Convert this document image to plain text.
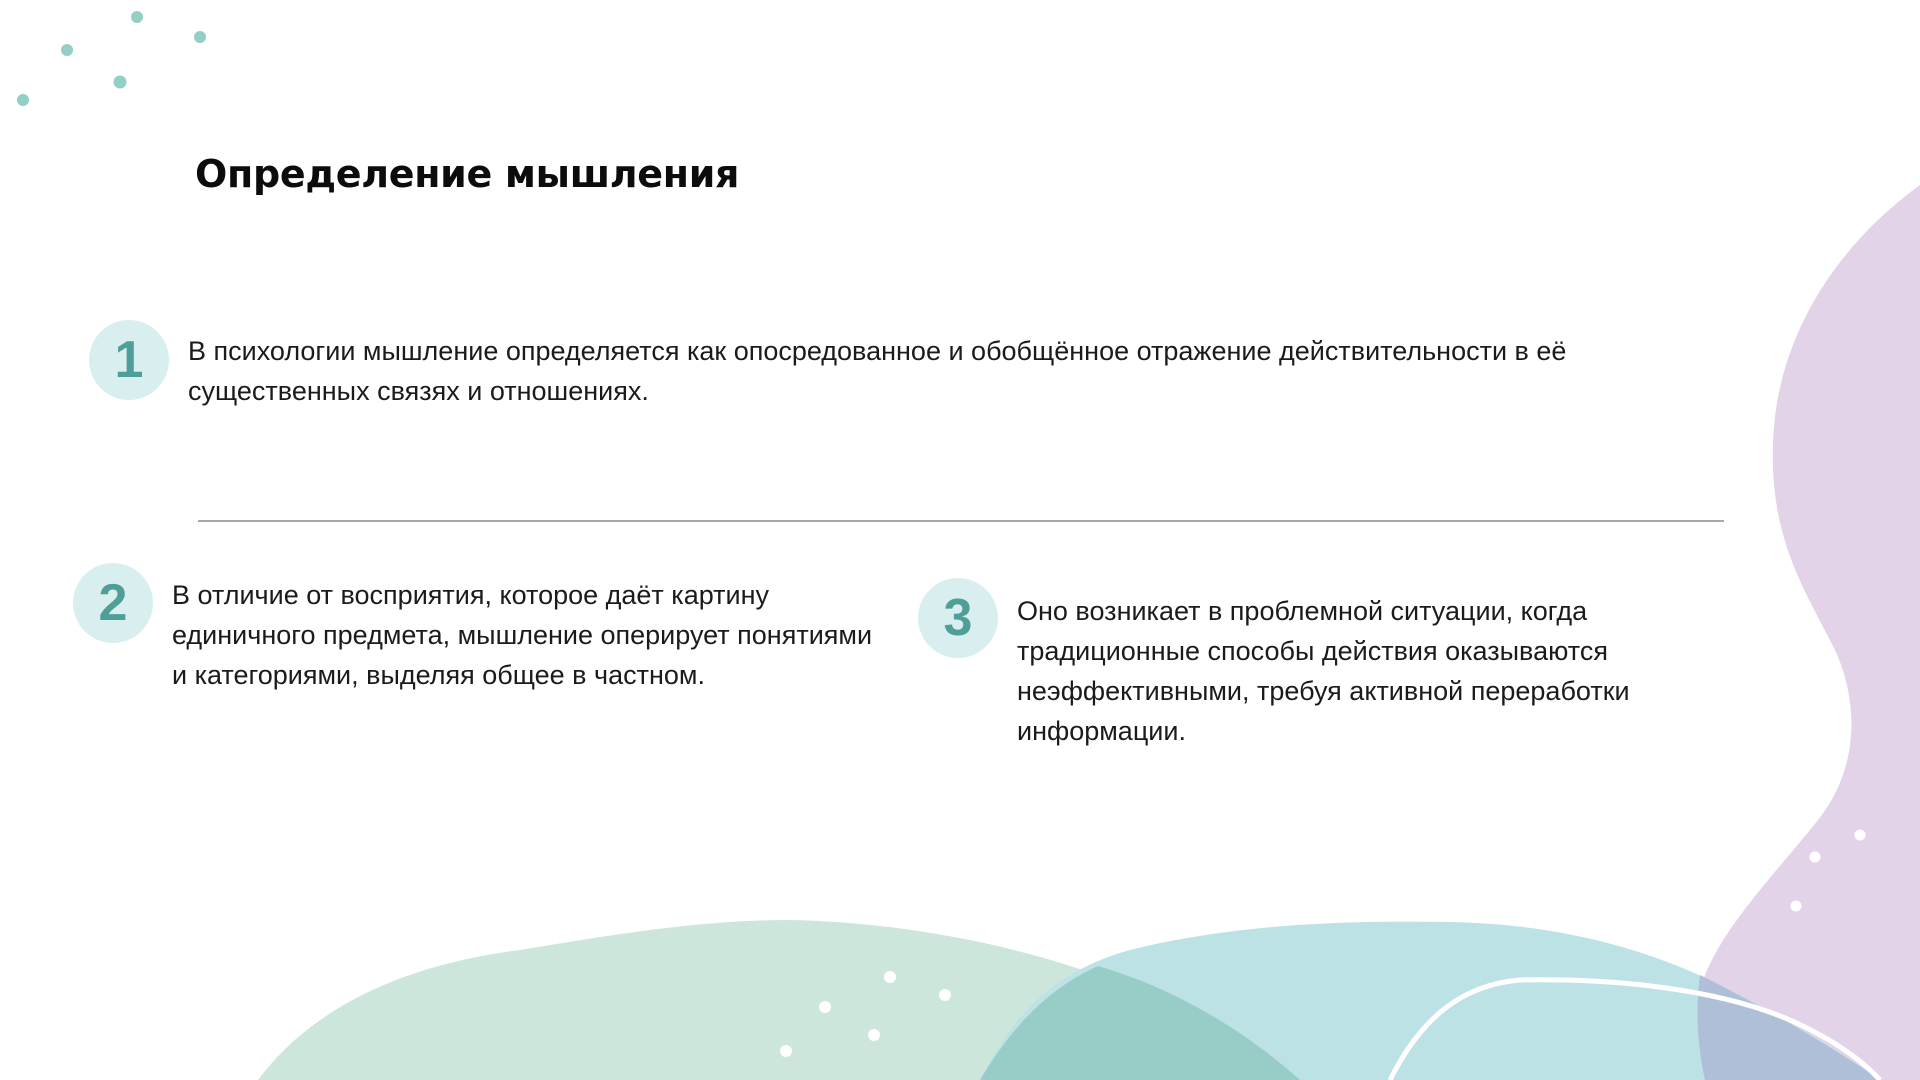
Определение мышления
1	В психологии мышление определяется как опосредованное и обобщённое отражение действительности в её существенных связях и отношениях.

2	В отличие от восприятия, которое даёт картину единичного предмета, мышление оперирует понятиями и категориями, выделяя общее в частном.

3	Оно возникает в проблемной ситуации, когда традиционные способы действия оказываются неэффективными, требуя активной переработки информации.
